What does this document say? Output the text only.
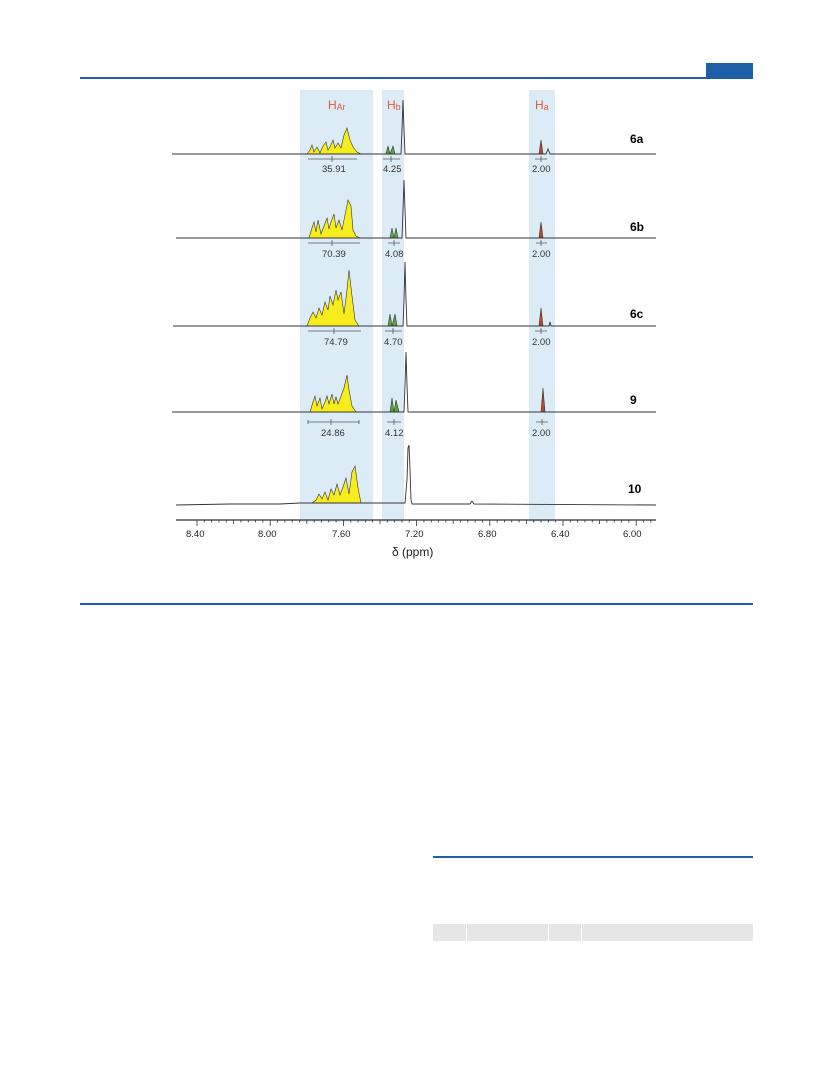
HAr	Hb	Ha
6a
35.91	4.25	2.00
6b
70.39	4.08	2.00
6c
74.79	4.70	2.00
9
24.86	4.12	2.00
10
8.40	8.00	7.60	7.20	6.80	6.40	6.00
δ (ppm)
